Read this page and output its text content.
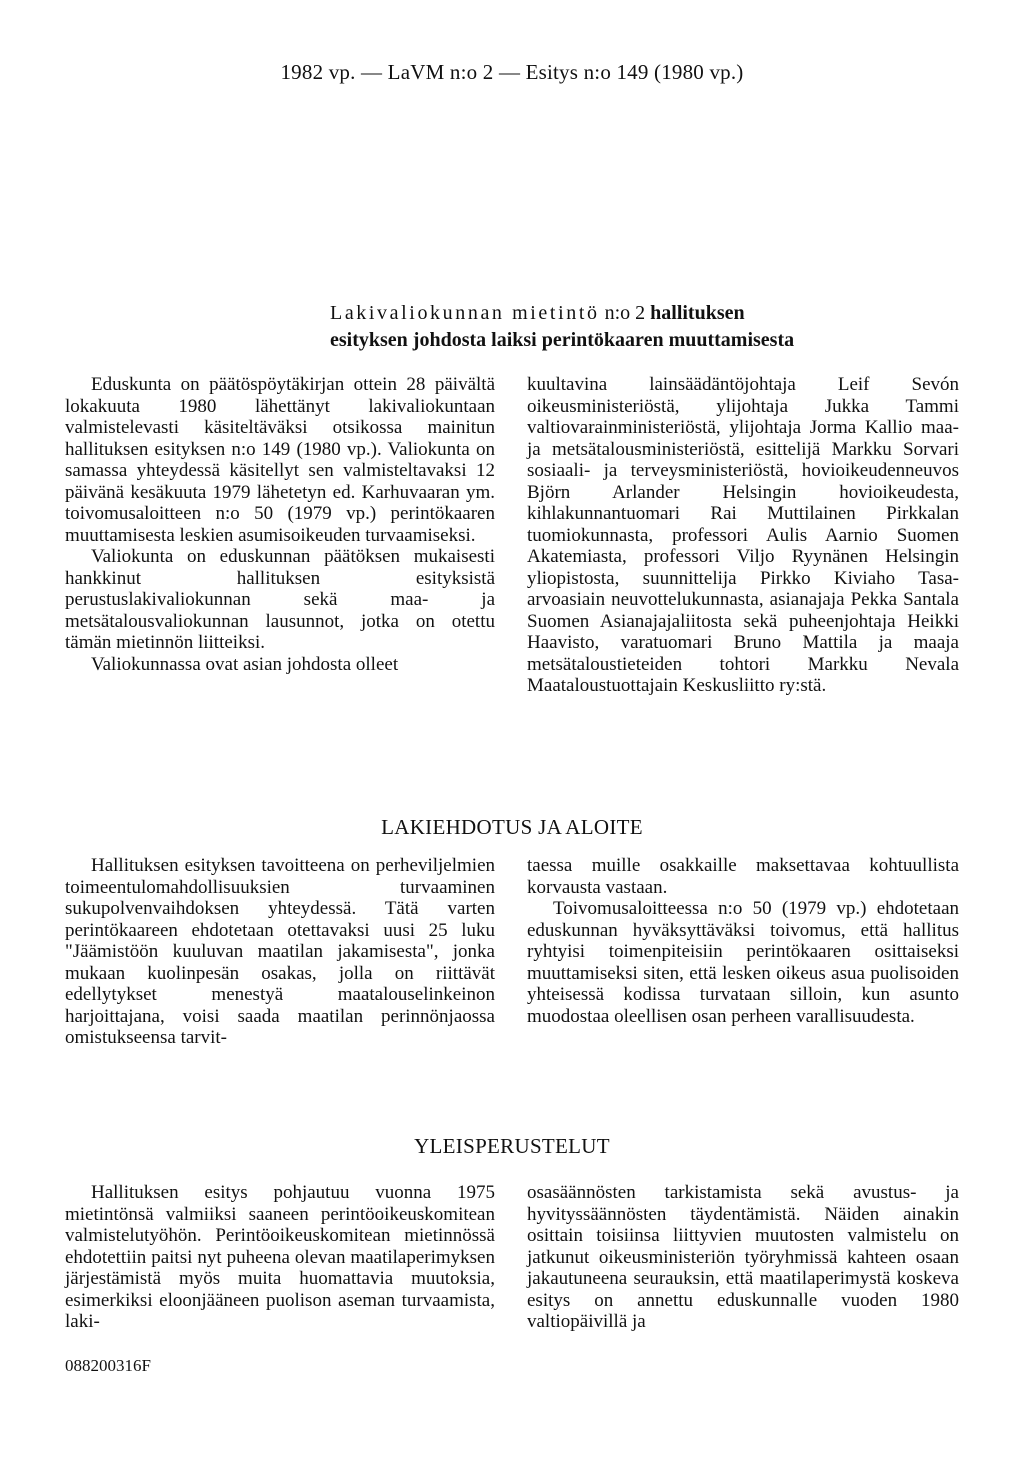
1982 vp. — LaVM n:o 2 — Esitys n:o 149 (1980 vp.)
Lakivaliokunnan mietintö n:o 2 hallituksen
esityksen johdosta laiksi perintökaaren muuttamisesta

Eduskunta on päätöspöytäkirjan ottein 28 päivältä lokakuuta 1980 lähettänyt lakivaliokuntaan valmistelevasti käsiteltäväksi otsikossa mainitun hallituksen esityksen n:o 149 (1980 vp.). Valiokunta on samassa yhteydessä käsitellyt sen valmisteltavaksi 12 päivänä kesäkuuta 1979 lähetetyn ed. Karhuvaaran ym. toivomusaloitteen n:o 50 (1979 vp.) perintökaaren muuttamisesta leskien asumisoikeuden turvaamiseksi.

Valiokunta on eduskunnan päätöksen mukaisesti hankkinut hallituksen esityksistä perustuslakivaliokunnan sekä maa- ja metsätalousvaliokunnan lausunnot, jotka on otettu tämän mietinnön liitteiksi.

Valiokunnassa ovat asian johdosta olleet

kuultavina lainsäädäntöjohtaja Leif Sevón oikeusministeriöstä, ylijohtaja Jukka Tammi valtiovarainministeriöstä, ylijohtaja Jorma Kallio maa- ja metsätalousministeriöstä, esittelijä Markku Sorvari sosiaali- ja terveysministeriöstä, hovioikeudenneuvos Björn Arlander Helsingin hovioikeudesta, kihlakunnantuomari Rai Muttilainen Pirkkalan tuomiokunnasta, professori Aulis Aarnio Suomen Akatemiasta, professori Viljo Ryynänen Helsingin yliopistosta, suunnittelija Pirkko Kiviaho Tasa-arvoasiain neuvottelukunnasta, asianajaja Pekka Santala Suomen Asianajajaliitosta sekä puheenjohtaja Heikki Haavisto, varatuomari Bruno Mattila ja maaja metsätaloustieteiden tohtori Markku Nevala Maataloustuottajain Keskusliitto ry:stä.

LAKIEHDOTUS JA ALOITE

Hallituksen esityksen tavoitteena on perheviljelmien toimeentulomahdollisuuksien turvaaminen sukupolvenvaihdoksen yhteydessä. Tätä varten perintökaareen ehdotetaan otettavaksi uusi 25 luku "Jäämistöön kuuluvan maatilan jakamisesta", jonka mukaan kuolinpesän osakas, jolla on riittävät edellytykset menestyä maatalouselinkeinon harjoittajana, voisi saada maatilan perinnönjaossa omistukseensa tarvit-

taessa muille osakkaille maksettavaa kohtuullista korvausta vastaan.

Toivomusaloitteessa n:o 50 (1979 vp.) ehdotetaan eduskunnan hyväksyttäväksi toivomus, että hallitus ryhtyisi toimenpiteisiin perintökaaren osittaiseksi muuttamiseksi siten, että lesken oikeus asua puolisoiden yhteisessä kodissa turvataan silloin, kun asunto muodostaa oleellisen osan perheen varallisuudesta.

YLEISPERUSTELUT

Hallituksen esitys pohjautuu vuonna 1975 mietintönsä valmiiksi saaneen perintöoikeuskomitean valmistelutyöhön. Perintöoikeuskomitean mietinnössä ehdotettiin paitsi nyt puheena olevan maatilaperimyksen järjestämistä myös muita huomattavia muutoksia, esimerkiksi eloonjääneen puolison aseman turvaamista, laki-

osasäännösten tarkistamista sekä avustus- ja hyvityssäännösten täydentämistä. Näiden ainakin osittain toisiinsa liittyvien muutosten valmistelu on jatkunut oikeusministeriön työryhmissä kahteen osaan jakautuneena seurauksin, että maatilaperimystä koskeva esitys on annettu eduskunnalle vuoden 1980 valtiopäivillä ja

088200316F
